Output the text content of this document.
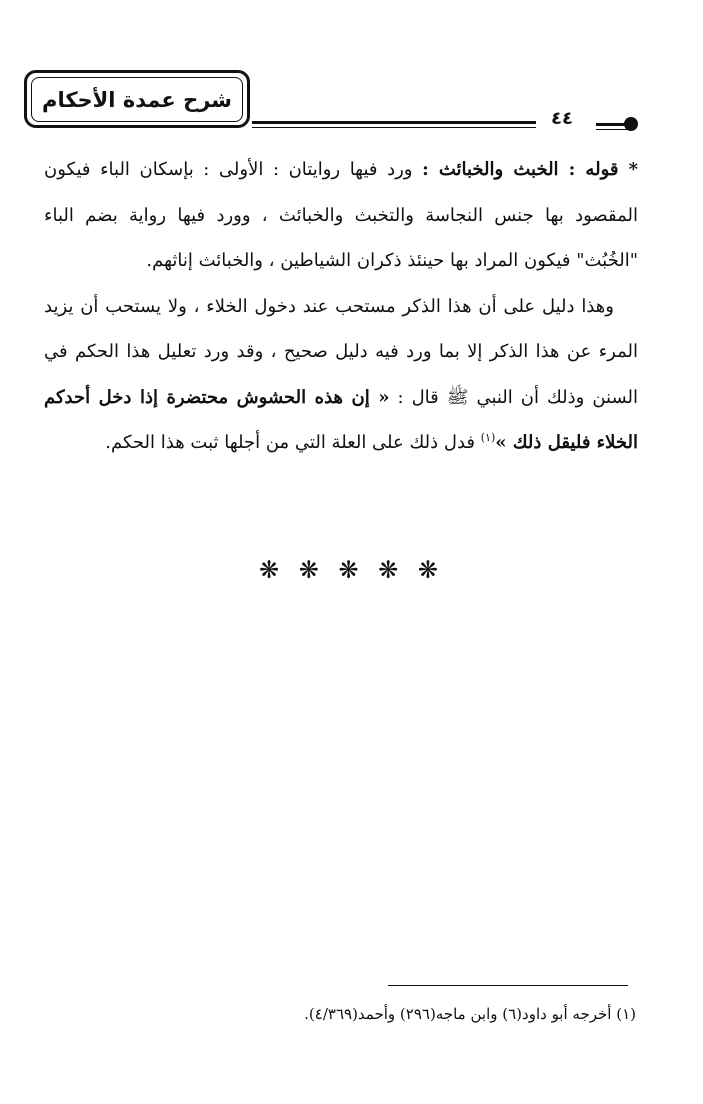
شرح عمدة الأحكام
٤٤

* قوله : الخبث والخبائث : ورد فيها روايتان : الأولى : بإسكان الباء فيكون المقصود بها جنس النجاسة والتخبث والخبائث ، وورد فيها رواية بضم الباء "الخُبُث" فيكون المراد بها حينئذ ذكران الشياطين ، والخبائث إناثهم.

وهذا دليل على أن هذا الذكر مستحب عند دخول الخلاء ، ولا يستحب أن يزيد المرء عن هذا الذكر إلا بما ورد فيه دليل صحيح ، وقد ورد تعليل هذا الحكم في السنن وذلك أن النبي ﷺ قال : « إن هذه الحشوش محتضرة إذا دخل أحدكم الخلاء فليقل ذلك »$^{(١)}$ فدل ذلك على العلة التي من أجلها ثبت هذا الحكم.

❋ ❋ ❋ ❋ ❋
(١) أخرجه أبو داود(٦) وابن ماجه(٢٩٦) وأحمد(٤/٣٦٩).
